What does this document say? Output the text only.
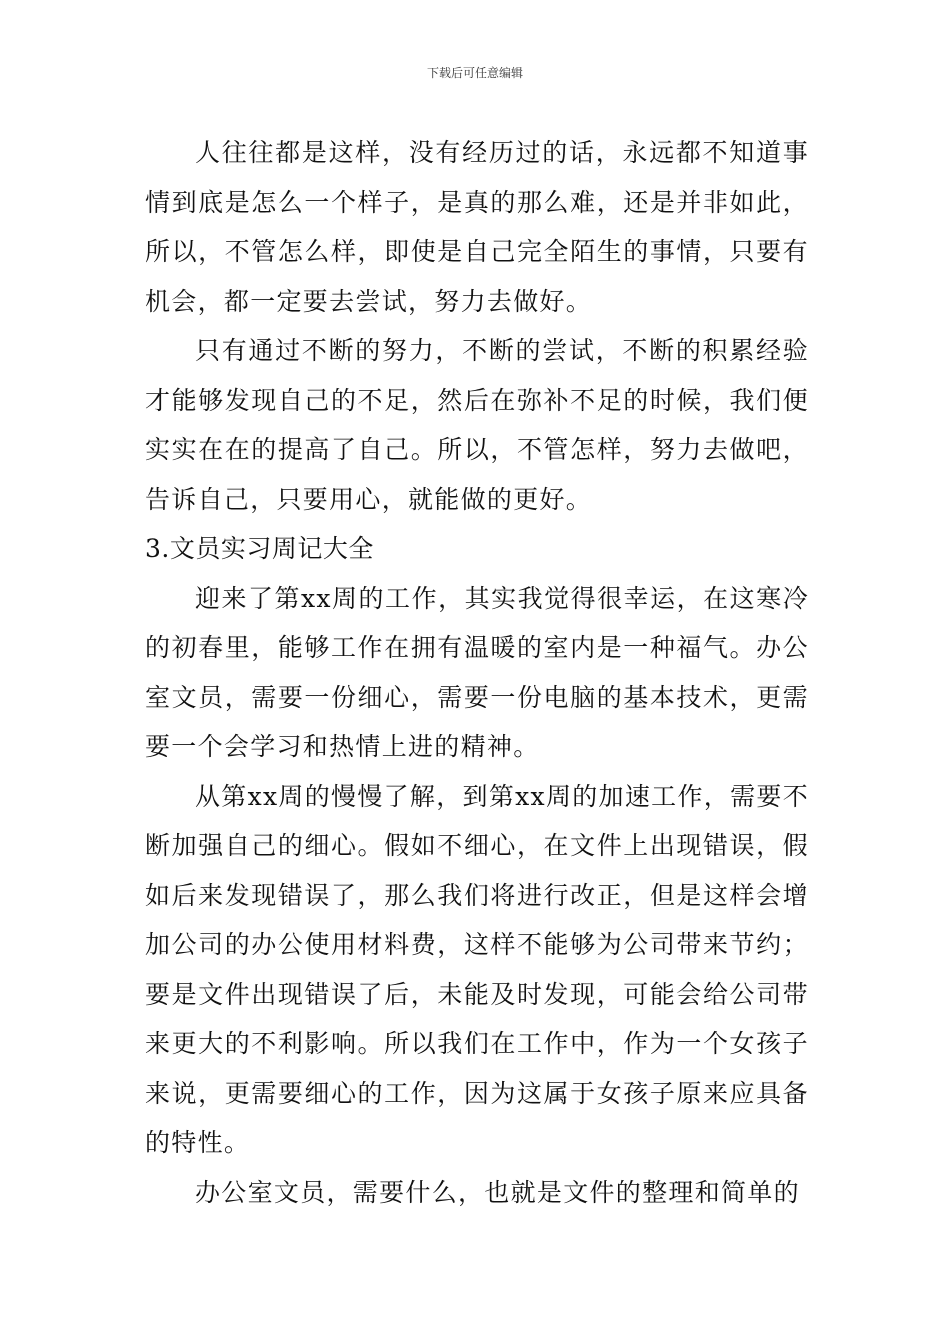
下载后可任意编辑

人往往都是这样，没有经历过的话，永远都不知道事情到底是怎么一个样子，是真的那么难，还是并非如此，所以，不管怎么样，即使是自己完全陌生的事情，只要有机会，都一定要去尝试，努力去做好。

只有通过不断的努力，不断的尝试，不断的积累经验才能够发现自己的不足，然后在弥补不足的时候，我们便实实在在的提高了自己。所以，不管怎样，努力去做吧，告诉自己，只要用心，就能做的更好。

3.文员实习周记大全

迎来了第xx周的工作，其实我觉得很幸运，在这寒冷的初春里，能够工作在拥有温暖的室内是一种福气。办公室文员，需要一份细心，需要一份电脑的基本技术，更需要一个会学习和热情上进的精神。

从第xx周的慢慢了解，到第xx周的加速工作，需要不断加强自己的细心。假如不细心，在文件上出现错误，假如后来发现错误了，那么我们将进行改正，但是这样会增加公司的办公使用材料费，这样不能够为公司带来节约；要是文件出现错误了后，未能及时发现，可能会给公司带来更大的不利影响。所以我们在工作中，作为一个女孩子来说，更需要细心的工作，因为这属于女孩子原来应具备的特性。

办公室文员，需要什么，也就是文件的整理和简单的
